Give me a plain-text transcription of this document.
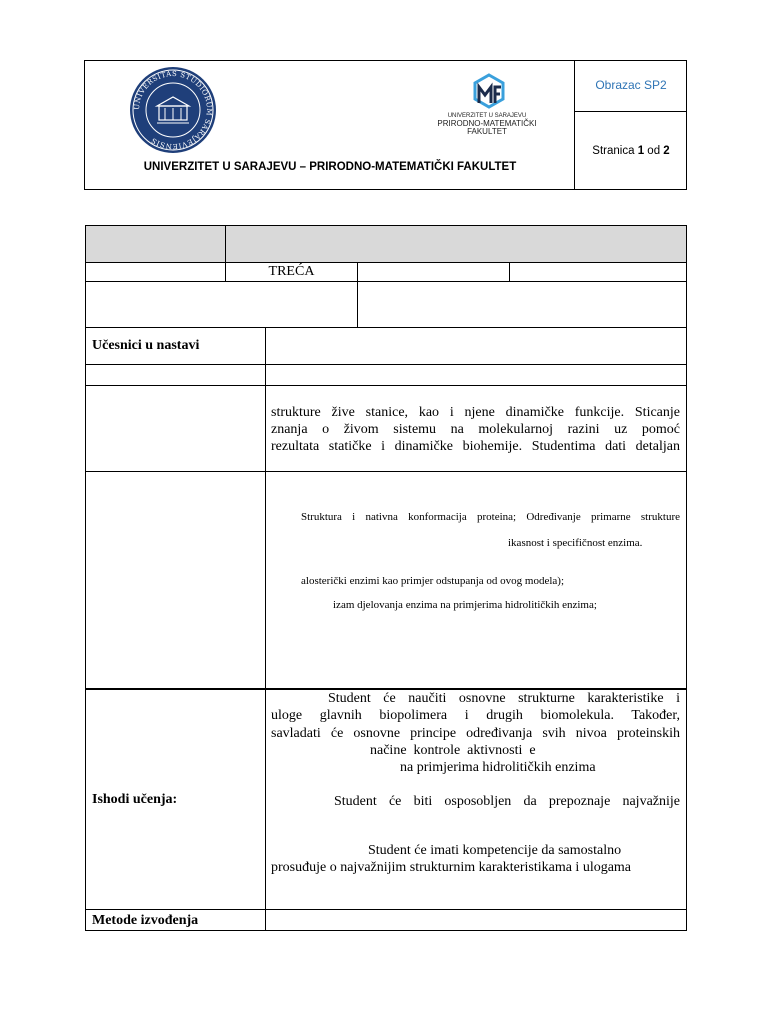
UNIVERSITAS STUDIORUM SARAJEVIENSIS
UNIVERZITET U SARAJEVU
PRIRODNO-MATEMATIČKI
FAKULTET
UNIVERZITET U SARAJEVU – PRIRODNO-MATEMATIČKI FAKULTET
Obrazac SP2
Stranica 1 od 2
TREĆA
Učesnici u nastavi
strukture žive stanice, kao i njene dinamičke funkcije. Sticanje
znanja o živom sistemu na molekularnoj razini uz pomoć
rezultata statičke i dinamičke biohemije. Studentima dati detaljan
Struktura i nativna konformacija proteina; Određivanje primarne strukture
ikasnost i specifičnost enzima.
alosterički enzimi kao primjer odstupanja od ovog modela);
izam djelovanja enzima na primjerima hidrolitičkih enzima;
Ishodi učenja:
Student će naučiti osnovne strukturne karakteristike i
uloge glavnih biopolimera i drugih biomolekula. Također,
savladati će osnovne principe određivanja svih nivoa proteinskih
načine  kontrole  aktivnosti  e
na primjerima hidrolitičkih enzima
Student će biti osposobljen da prepoznaje najvažnije
Student će imati kompetencije da samostalno
prosuđuje o najvažnijim strukturnim karakteristikama i ulogama
Metode izvođenja
